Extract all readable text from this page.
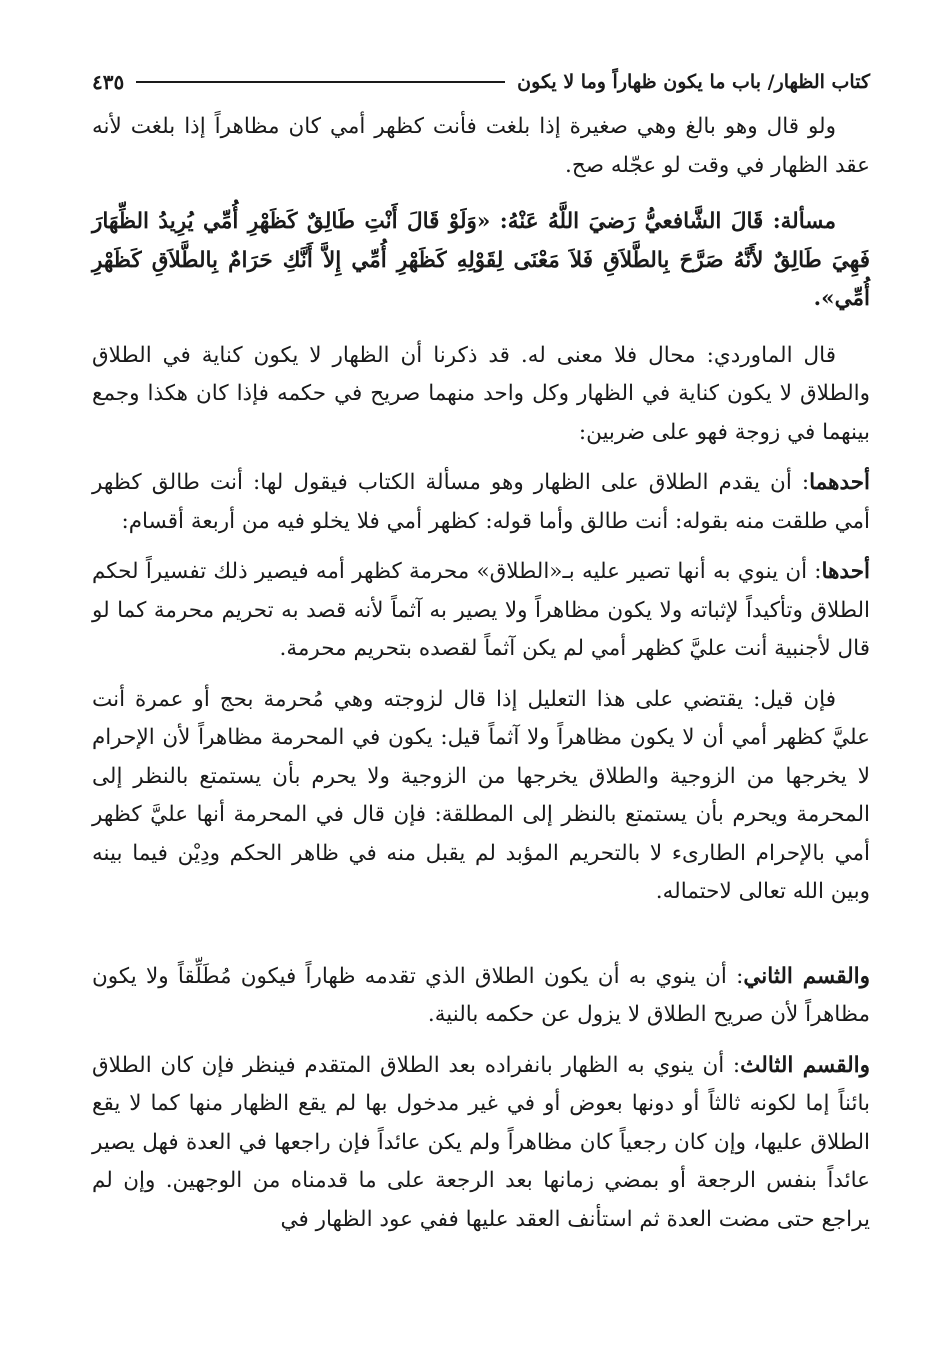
كتاب الظهار/ باب ما يكون ظهاراً وما لا يكون
٤٣٥

ولو قال وهو بالغ وهي صغيرة إذا بلغت فأنت كظهر أمي كان مظاهراً إذا بلغت لأنه عقد الظهار في وقت لو عجّله صح.

مسألة: قَالَ الشَّافعيُّ رَضيَ اللَّهُ عَنْهُ: «وَلَوْ قَالَ أَنْتِ طَالِقٌ كَظَهْرِ أُمِّي يُرِيدُ الظِّهَارَ فَهِيَ طَالِقٌ لأَنَّهُ صَرَّحَ بِالطَّلاَقِ فَلاَ مَعْنَى لِقَوْلِهِ كَظَهْرِ أُمِّي إِلاَّ أَنَّكِ حَرَامٌ بِالطَّلاَقِ كَظَهْرِ أُمِّي».

قال الماوردي: محال فلا معنى له. قد ذكرنا أن الظهار لا يكون كناية في الطلاق والطلاق لا يكون كناية في الظهار وكل واحد منهما صريح في حكمه فإذا كان هكذا وجمع بينهما في زوجة فهو على ضربين:

أحدهما: أن يقدم الطلاق على الظهار وهو مسألة الكتاب فيقول لها: أنت طالق كظهر أمي طلقت منه بقوله: أنت طالق وأما قوله: كظهر أمي فلا يخلو فيه من أربعة أقسام:

أحدها: أن ينوي به أنها تصير عليه بـ«الطلاق» محرمة كظهر أمه فيصير ذلك تفسيراً لحكم الطلاق وتأكيداً لإثباته ولا يكون مظاهراً ولا يصير به آثماً لأنه قصد به تحريم محرمة كما لو قال لأجنبية أنت عليَّ كظهر أمي لم يكن آثماً لقصده بتحريم محرمة.

فإن قيل: يقتضي على هذا التعليل إذا قال لزوجته وهي مُحرمة بحج أو عمرة أنت عليَّ كظهر أمي أن لا يكون مظاهراً ولا آثماً قيل: يكون في المحرمة مظاهراً لأن الإحرام لا يخرجها من الزوجية والطلاق يخرجها من الزوجية ولا يحرم بأن يستمتع بالنظر إلى المحرمة ويحرم بأن يستمتع بالنظر إلى المطلقة: فإن قال في المحرمة أنها عليَّ كظهر أمي بالإحرام الطارىء لا بالتحريم المؤبد لم يقبل منه في ظاهر الحكم ودِيْن فيما بينه وبين الله تعالى لاحتماله.

والقسم الثاني: أن ينوي به أن يكون الطلاق الذي تقدمه ظهاراً فيكون مُطَلِّقاً ولا يكون مظاهراً لأن صريح الطلاق لا يزول عن حكمه بالنية.

والقسم الثالث: أن ينوي به الظهار بانفراده بعد الطلاق المتقدم فينظر فإن كان الطلاق بائناً إما لكونه ثالثاً أو دونها بعوض أو في غير مدخول بها لم يقع الظهار منها كما لا يقع الطلاق عليها، وإن كان رجعياً كان مظاهراً ولم يكن عائداً فإن راجعها في العدة فهل يصير عائداً بنفس الرجعة أو بمضي زمانها بعد الرجعة على ما قدمناه من الوجهين. وإن لم يراجع حتى مضت العدة ثم استأنف العقد عليها ففي عود الظهار في
